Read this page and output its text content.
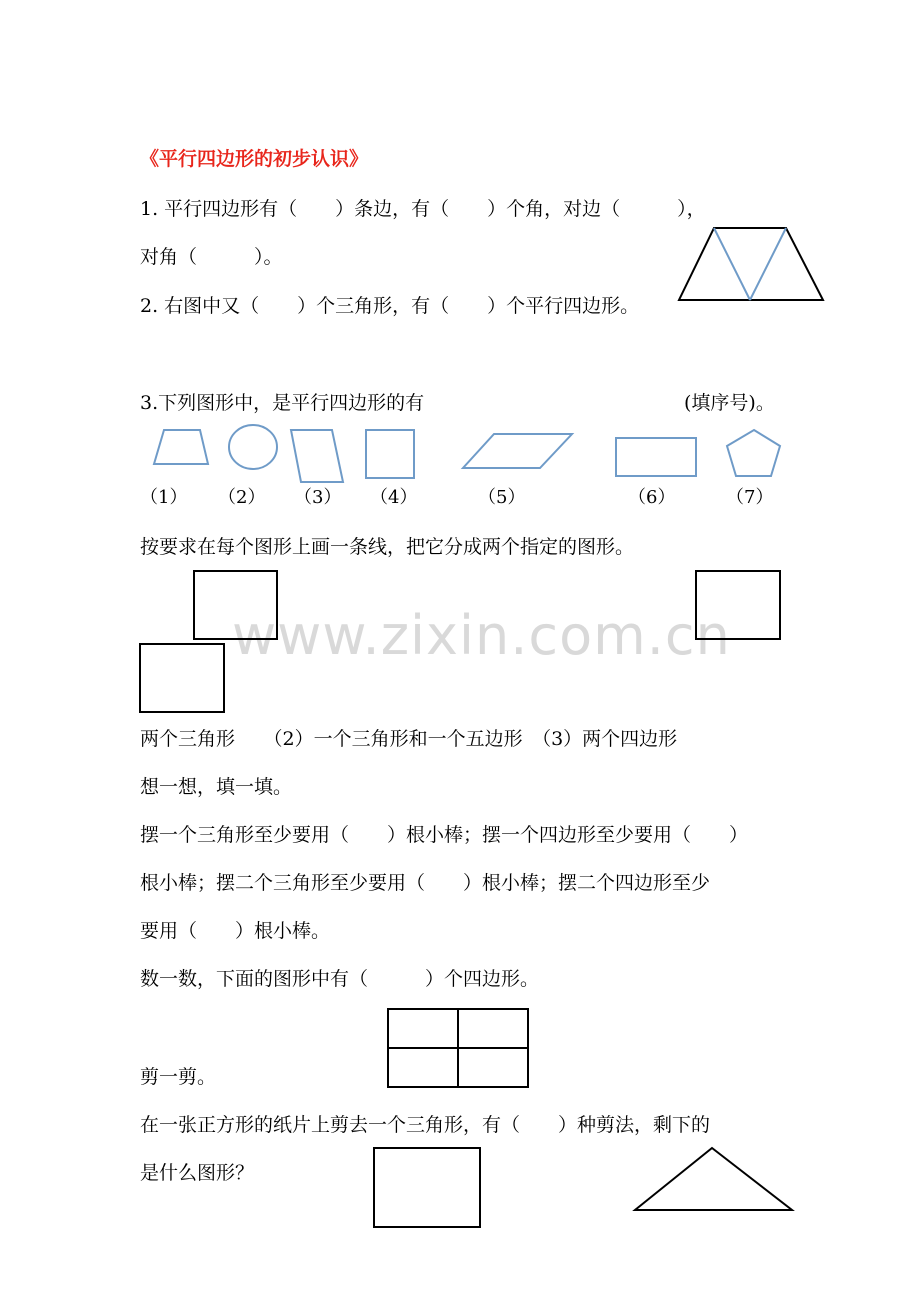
《平行四边形的初步认识》
1. 平行四边形有（　　）条边，有（　　）个角，对边（　　　），
对角（　　　）。
2. 右图中又（　　）个三角形，有（　　）个平行四边形。
3.下列图形中，是平行四边形的有	(填序号)。
（1） （2） （3） （4）	（5）	（6）	（7）
按要求在每个图形上画一条线，把它分成两个指定的图形。
www.zixin.com.cn
两个三角形　　（2）一个三角形和一个五边形　（3）两个四边形
想一想，填一填。
摆一个三角形至少要用（　　）根小棒；摆一个四边形至少要用（　　）
根小棒；摆二个三角形至少要用（　　）根小棒；摆二个四边形至少
要用（　　）根小棒。
数一数，下面的图形中有（　　　）个四边形。
剪一剪。
在一张正方形的纸片上剪去一个三角形，有（　　）种剪法，剩下的
是什么图形？
